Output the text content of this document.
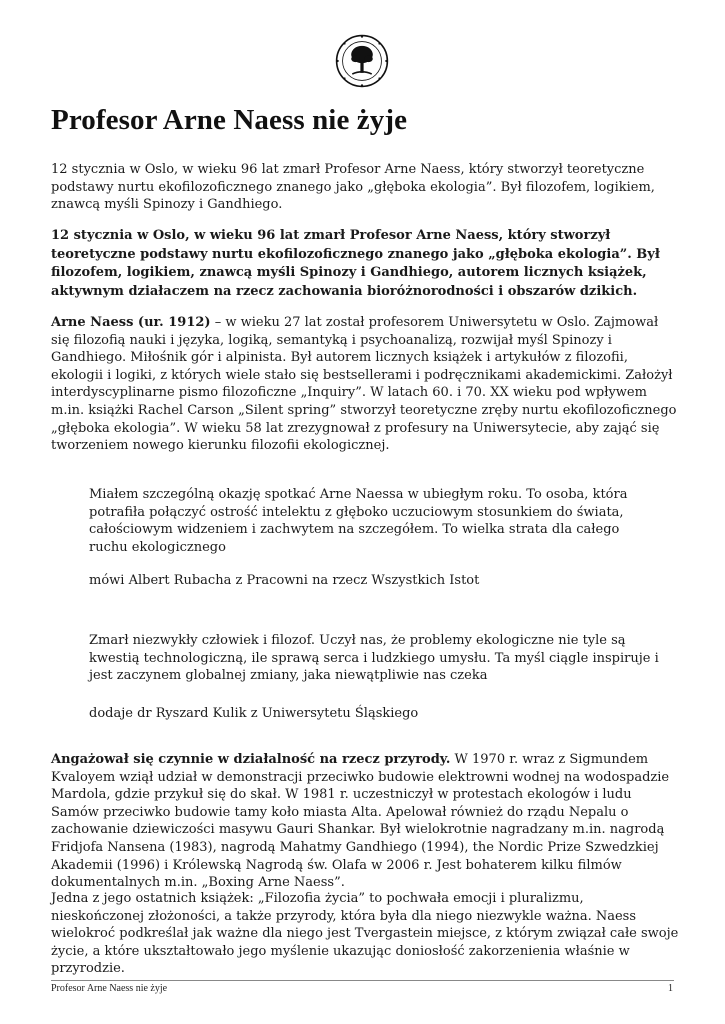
Profesor Arne Naess nie żyje

12 stycznia w Oslo, w wieku 96 lat zmarł Profesor Arne Naess, który stworzył teoretyczne podstawy nurtu ekofilozoficznego znanego jako „głęboka ekologia”. Był filozofem, logikiem, znawcą myśli Spinozy i Gandhiego.

12 stycznia w Oslo, w wieku 96 lat zmarł Profesor Arne Naess, który stworzył teoretyczne podstawy nurtu ekofilozoficznego znanego jako „głęboka ekologia”. Był filozofem, logikiem, znawcą myśli Spinozy i Gandhiego, autorem licznych książek, aktywnym działaczem na rzecz zachowania bioróżnorodności i obszarów dzikich.

Arne Naess (ur. 1912) – w wieku 27 lat został profesorem Uniwersytetu w Oslo. Zajmował się filozofią nauki i języka, logiką, semantyką i psychoanalizą, rozwijał myśl Spinozy i Gandhiego. Miłośnik gór i alpinista. Był autorem licznych książek i artykułów z filozofii, ekologii i logiki, z których wiele stało się bestsellerami i podręcznikami akademickimi. Założył interdyscyplinarne pismo filozoficzne „Inquiry”. W latach 60. i 70. XX wieku pod wpływem m.in. książki Rachel Carson „Silent spring” stworzył teoretyczne zręby nurtu ekofilozoficznego „głęboka ekologia”. W wieku 58 lat zrezygnował z profesury na Uniwersytecie, aby zająć się tworzeniem nowego kierunku filozofii ekologicznej.

Miałem szczególną okazję spotkać Arne Naessa w ubiegłym roku. To osoba, która potrafiła połączyć ostrość intelektu z głęboko uczuciowym stosunkiem do świata, całościowym widzeniem i zachwytem na szczegółem. To wielka strata dla całego ruchu ekologicznego

mówi Albert Rubacha z Pracowni na rzecz Wszystkich Istot

Zmarł niezwykły człowiek i filozof. Uczył nas, że problemy ekologiczne nie tyle są kwestią technologiczną, ile sprawą serca i ludzkiego umysłu. Ta myśl ciągle inspiruje i jest zaczynem globalnej zmiany, jaka niewątpliwie nas czeka

dodaje dr Ryszard Kulik z Uniwersytetu Śląskiego

Angażował się czynnie w działalność na rzecz przyrody. W 1970 r. wraz z Sigmundem Kvaloyem wziął udział w demonstracji przeciwko budowie elektrowni wodnej na wodospadzie Mardola, gdzie przykuł się do skał. W 1981 r. uczestniczył w protestach ekologów i ludu Samów przeciwko budowie tamy koło miasta Alta. Apelował również do rządu Nepalu o zachowanie dziewiczości masywu Gauri Shankar. Był wielokrotnie nagradzany m.in. nagrodą Fridjofa Nansena (1983), nagrodą Mahatmy Gandhiego (1994), the Nordic Prize Szwedzkiej Akademii (1996) i Królewską Nagrodą św. Olafa w 2006 r. Jest bohaterem kilku filmów dokumentalnych m.in. „Boxing Arne Naess”.

Jedna z jego ostatnich książek: „Filozofia życia” to pochwała emocji i pluralizmu, nieskończonej złożoności, a także przyrody, która była dla niego niezwykle ważna. Naess wielokroć podkreślał jak ważne dla niego jest Tvergastein miejsce, z którym związał całe swoje życie, a które ukształtowało jego myślenie ukazując doniosłość zakorzenienia właśnie w przyrodzie.

Profesor Arne Naess nie żyje	1
